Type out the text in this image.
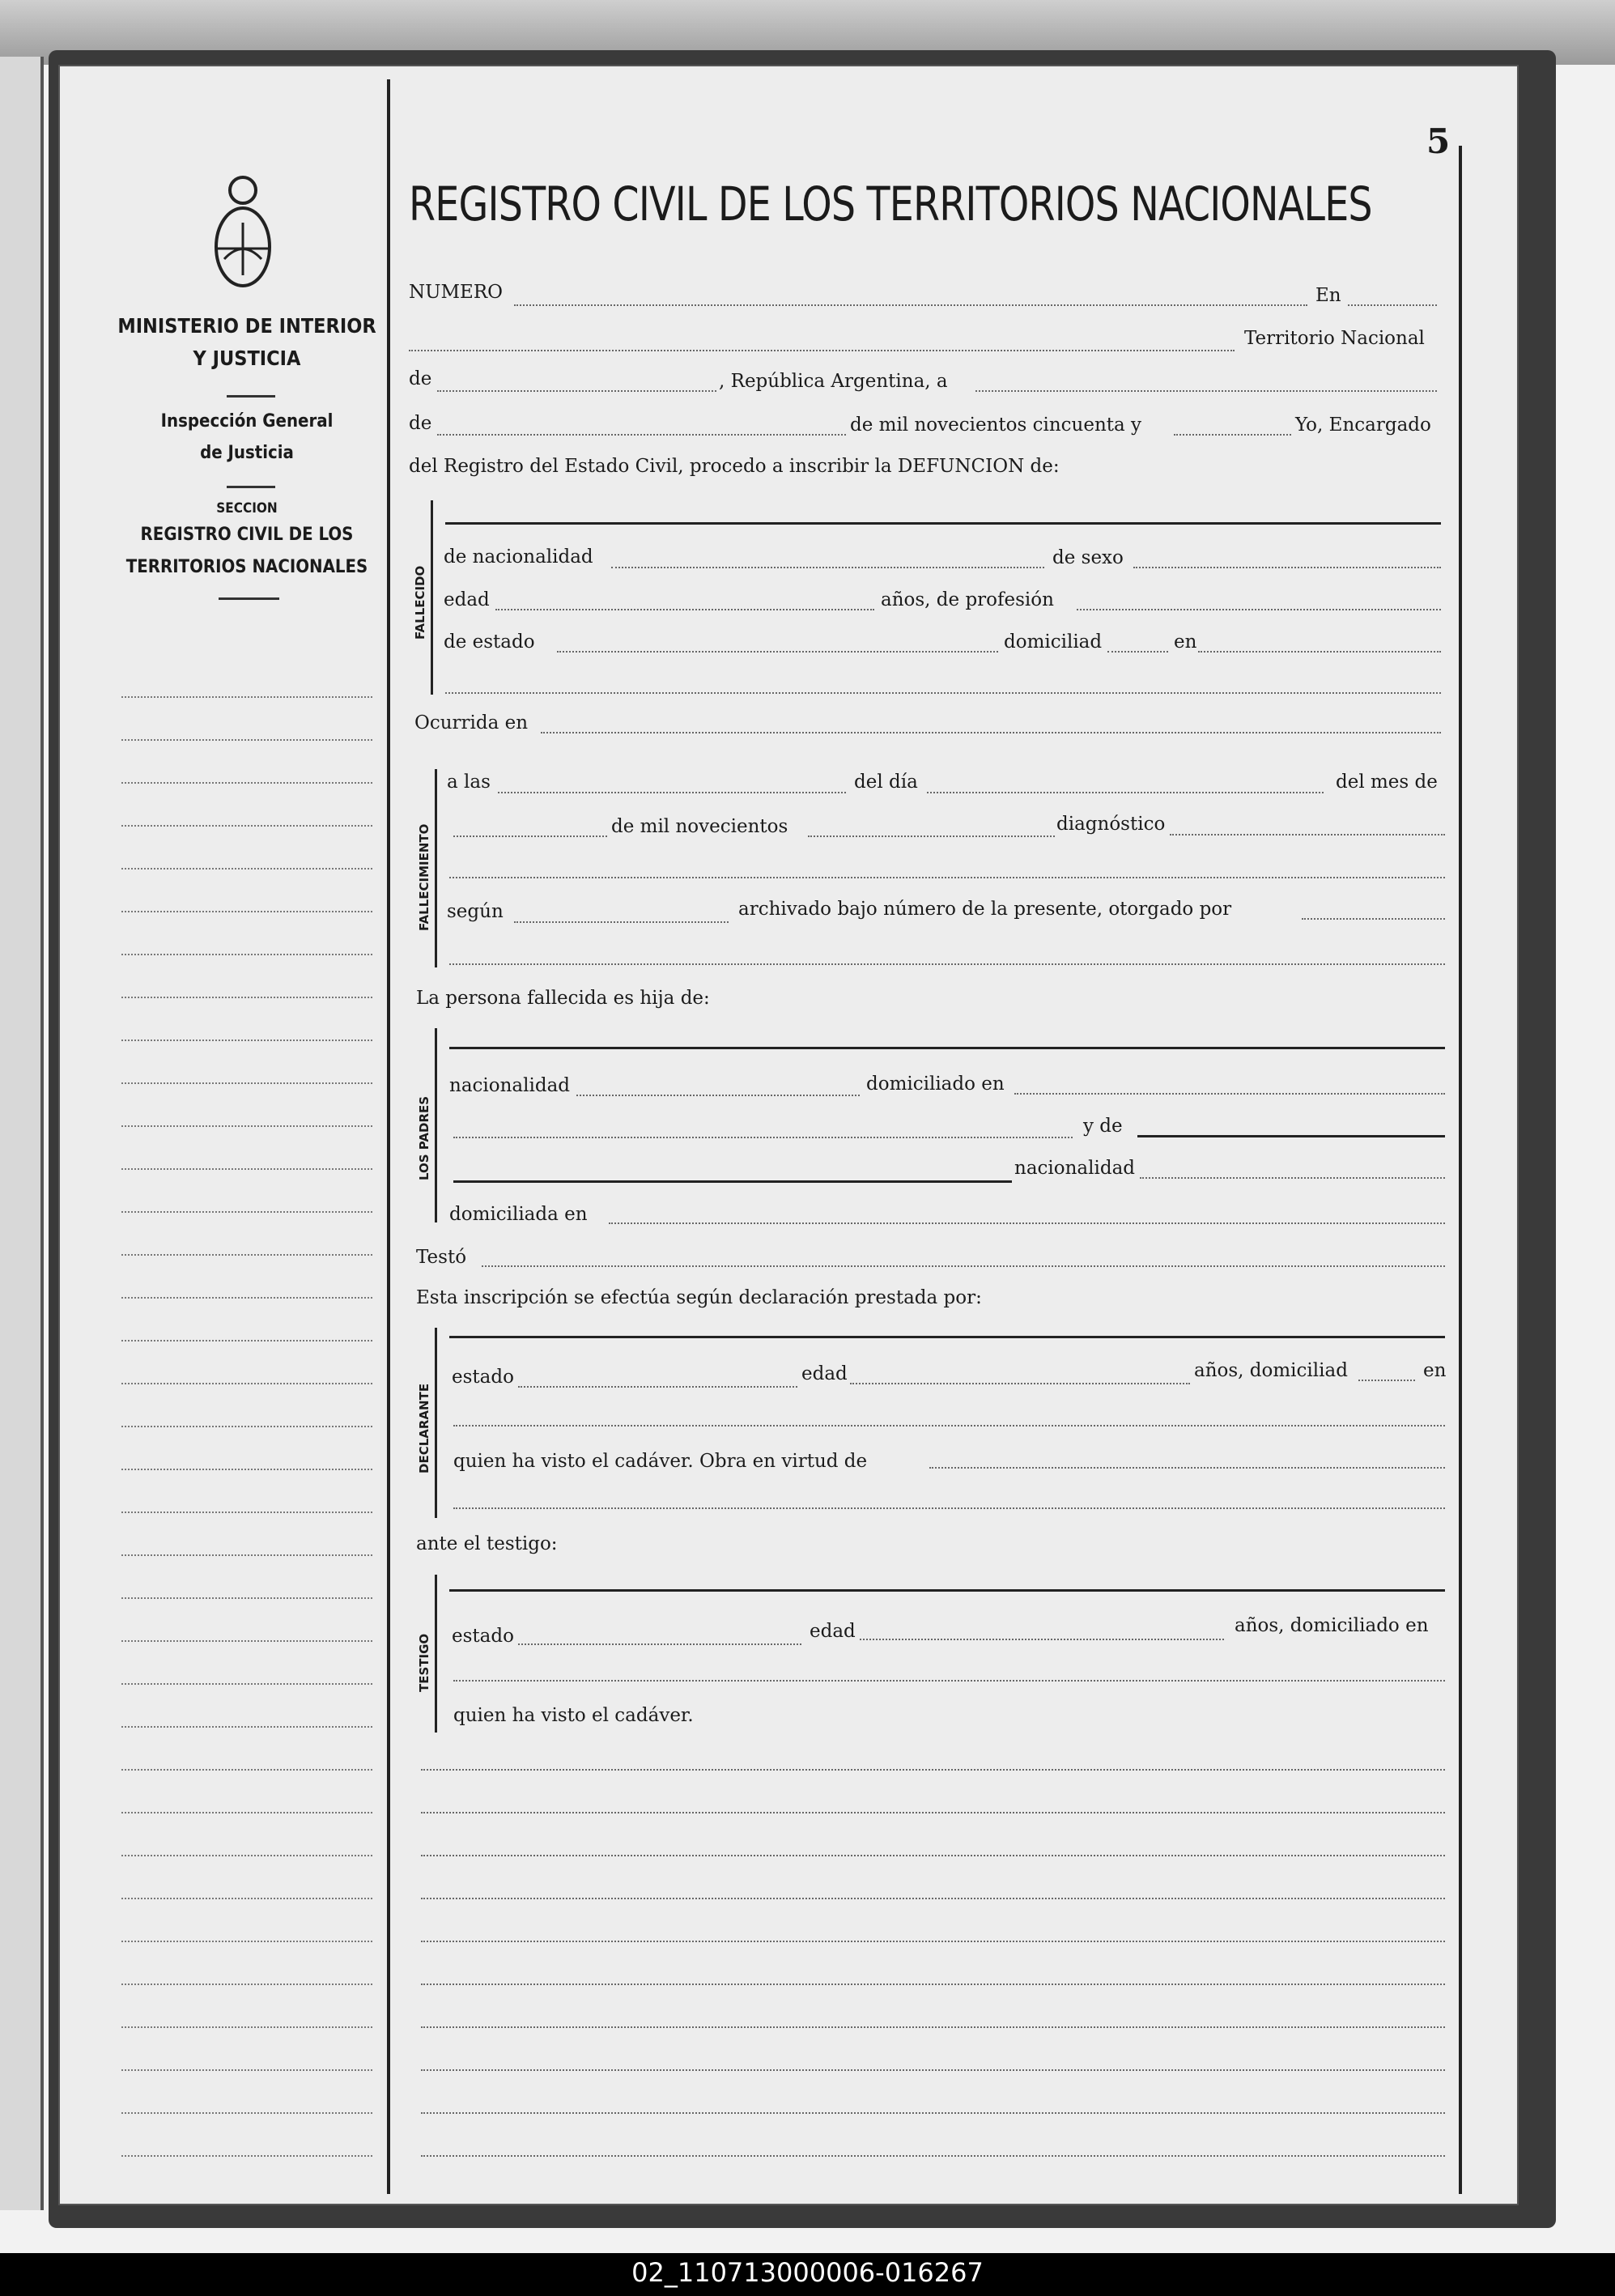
MINISTERIO DE INTERIOR
Y JUSTICIA
Inspección General
de Justicia
SECCION
REGISTRO CIVIL DE LOS
TERRITORIOS NACIONALES
5
REGISTRO CIVIL DE LOS TERRITORIOS NACIONALES
NUMERO	En
Territorio Nacional
de	, República Argentina, a
de	de mil novecientos cincuenta y	Yo, Encargado
del Registro del Estado Civil, procedo a inscribir la DEFUNCION de:
FALLECIDO
de nacionalidad	de sexo
edad	años, de profesión
de estado	domiciliad	en
Ocurrida en
FALLECIMIENTO
a las	del día	del mes de
de mil novecientos	diagnóstico
según	archivado bajo número de la presente, otorgado por
La persona fallecida es hija de:
LOS PADRES
nacionalidad	domiciliado en
y de
nacionalidad
domiciliada en
Testó
Esta inscripción se efectúa según declaración prestada por:
DECLARANTE
estado	edad	años, domiciliad	en
quien ha visto el cadáver. Obra en virtud de
ante el testigo:
TESTIGO estado	edad	años, domiciliado en
quien ha visto el cadáver.
02_110713000006-016267
